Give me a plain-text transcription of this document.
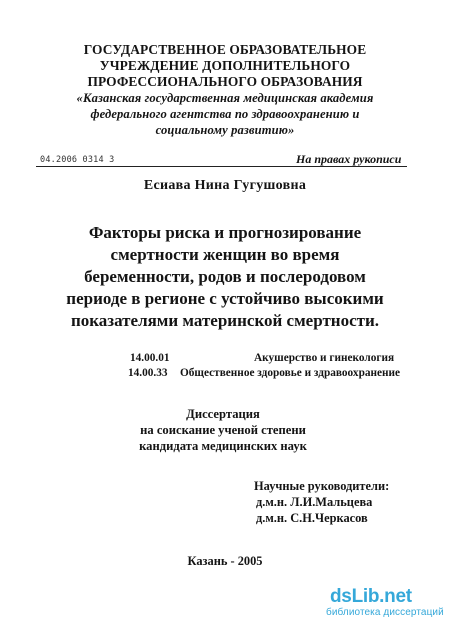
ГОСУДАРСТВЕННОЕ ОБРАЗОВАТЕЛЬНОЕ
УЧРЕЖДЕНИЕ ДОПОЛНИТЕЛЬНОГО
ПРОФЕССИОНАЛЬНОГО ОБРАЗОВАНИЯ
«Казанская государственная медицинская академия
федерального агентства по здравоохранению и
социальному развитию»
04.2006 0314 3	На правах рукописи
Есиава Нина Гугушовна
Факторы риска и прогнозирование
смертности женщин во время
беременности, родов и послеродовом
периоде в регионе с устойчиво высокими
показателями материнской смертности.
14.00.01	Акушерство и гинекология
14.00.33 Общественное здоровье и здравоохранение
Диссертация
на соискание ученой степени
кандидата медицинских наук
Научные руководители:
д.м.н. Л.И.Мальцева
д.м.н. С.Н.Черкасов
Казань - 2005
dsLib.net
библиотека диссертаций
